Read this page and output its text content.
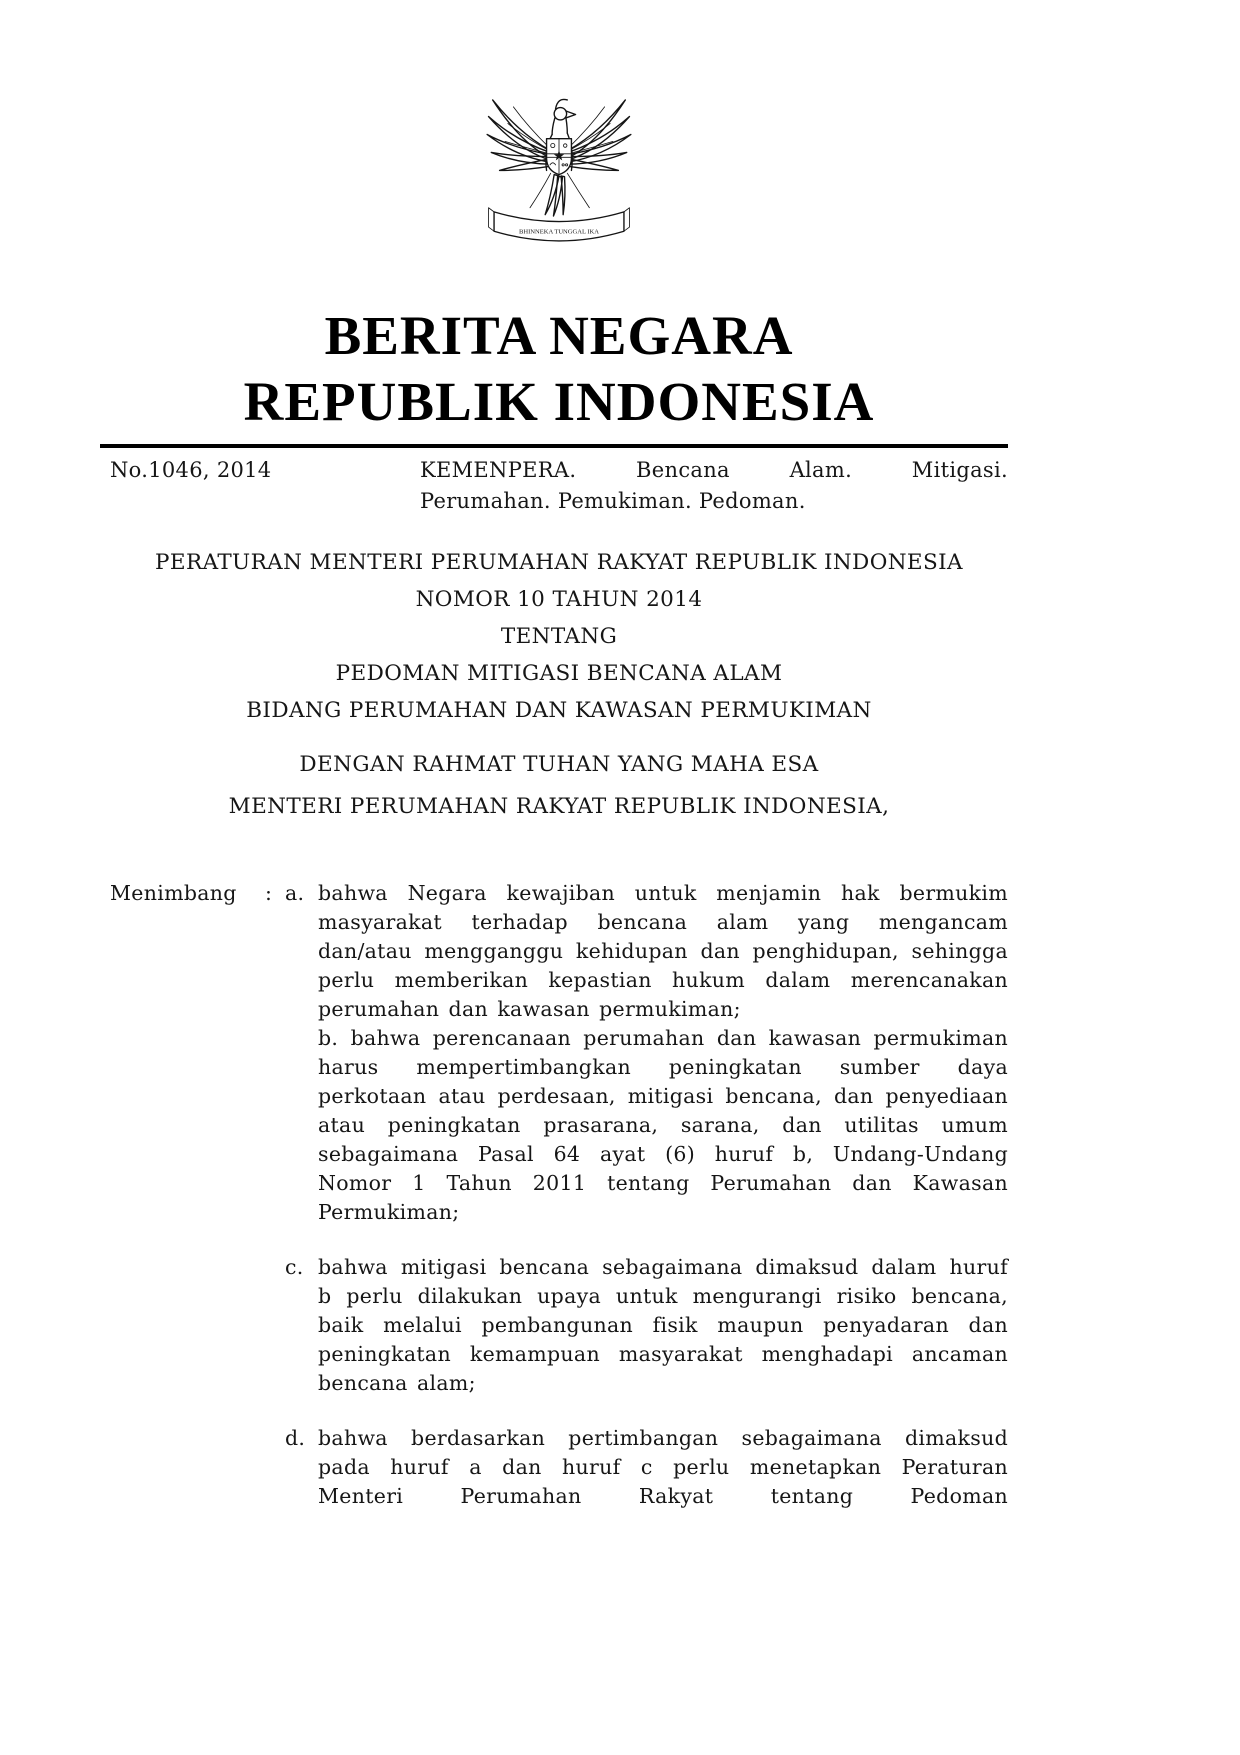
BHINNEKA TUNGGAL IKA
BERITA NEGARA
REPUBLIK INDONESIA
No.1046, 2014	KEMENPERA. Bencana Alam. Mitigasi.
Perumahan. Pemukiman. Pedoman.
PERATURAN MENTERI PERUMAHAN RAKYAT REPUBLIK INDONESIA
NOMOR 10 TAHUN 2014
TENTANG
PEDOMAN MITIGASI BENCANA ALAM
BIDANG PERUMAHAN DAN KAWASAN PERMUKIMAN
DENGAN RAHMAT TUHAN YANG MAHA ESA
MENTERI PERUMAHAN RAKYAT REPUBLIK INDONESIA,
Menimbang	: a. bahwa Negara kewajiban untuk menjamin hak bermukim masyarakat terhadap bencana alam yang mengancam dan/atau mengganggu kehidupan dan penghidupan, sehingga perlu memberikan kepastian hukum dalam merencanakan perumahan dan kawasan permukiman;

b. bahwa perencanaan perumahan dan kawasan permukiman harus mempertimbangkan peningkatan sumber daya perkotaan atau perdesaan, mitigasi bencana, dan penyediaan atau peningkatan prasarana, sarana, dan utilitas umum sebagaimana Pasal 64 ayat (6) huruf b, Undang-Undang Nomor 1 Tahun 2011 tentang Perumahan dan Kawasan Permukiman;

c. bahwa mitigasi bencana sebagaimana dimaksud dalam huruf b perlu dilakukan upaya untuk mengurangi risiko bencana, baik melalui pembangunan fisik maupun penyadaran dan peningkatan kemampuan masyarakat menghadapi ancaman bencana alam;

d. bahwa berdasarkan pertimbangan sebagaimana dimaksud pada huruf a dan huruf c perlu menetapkan Peraturan Menteri Perumahan Rakyat tentang Pedoman
